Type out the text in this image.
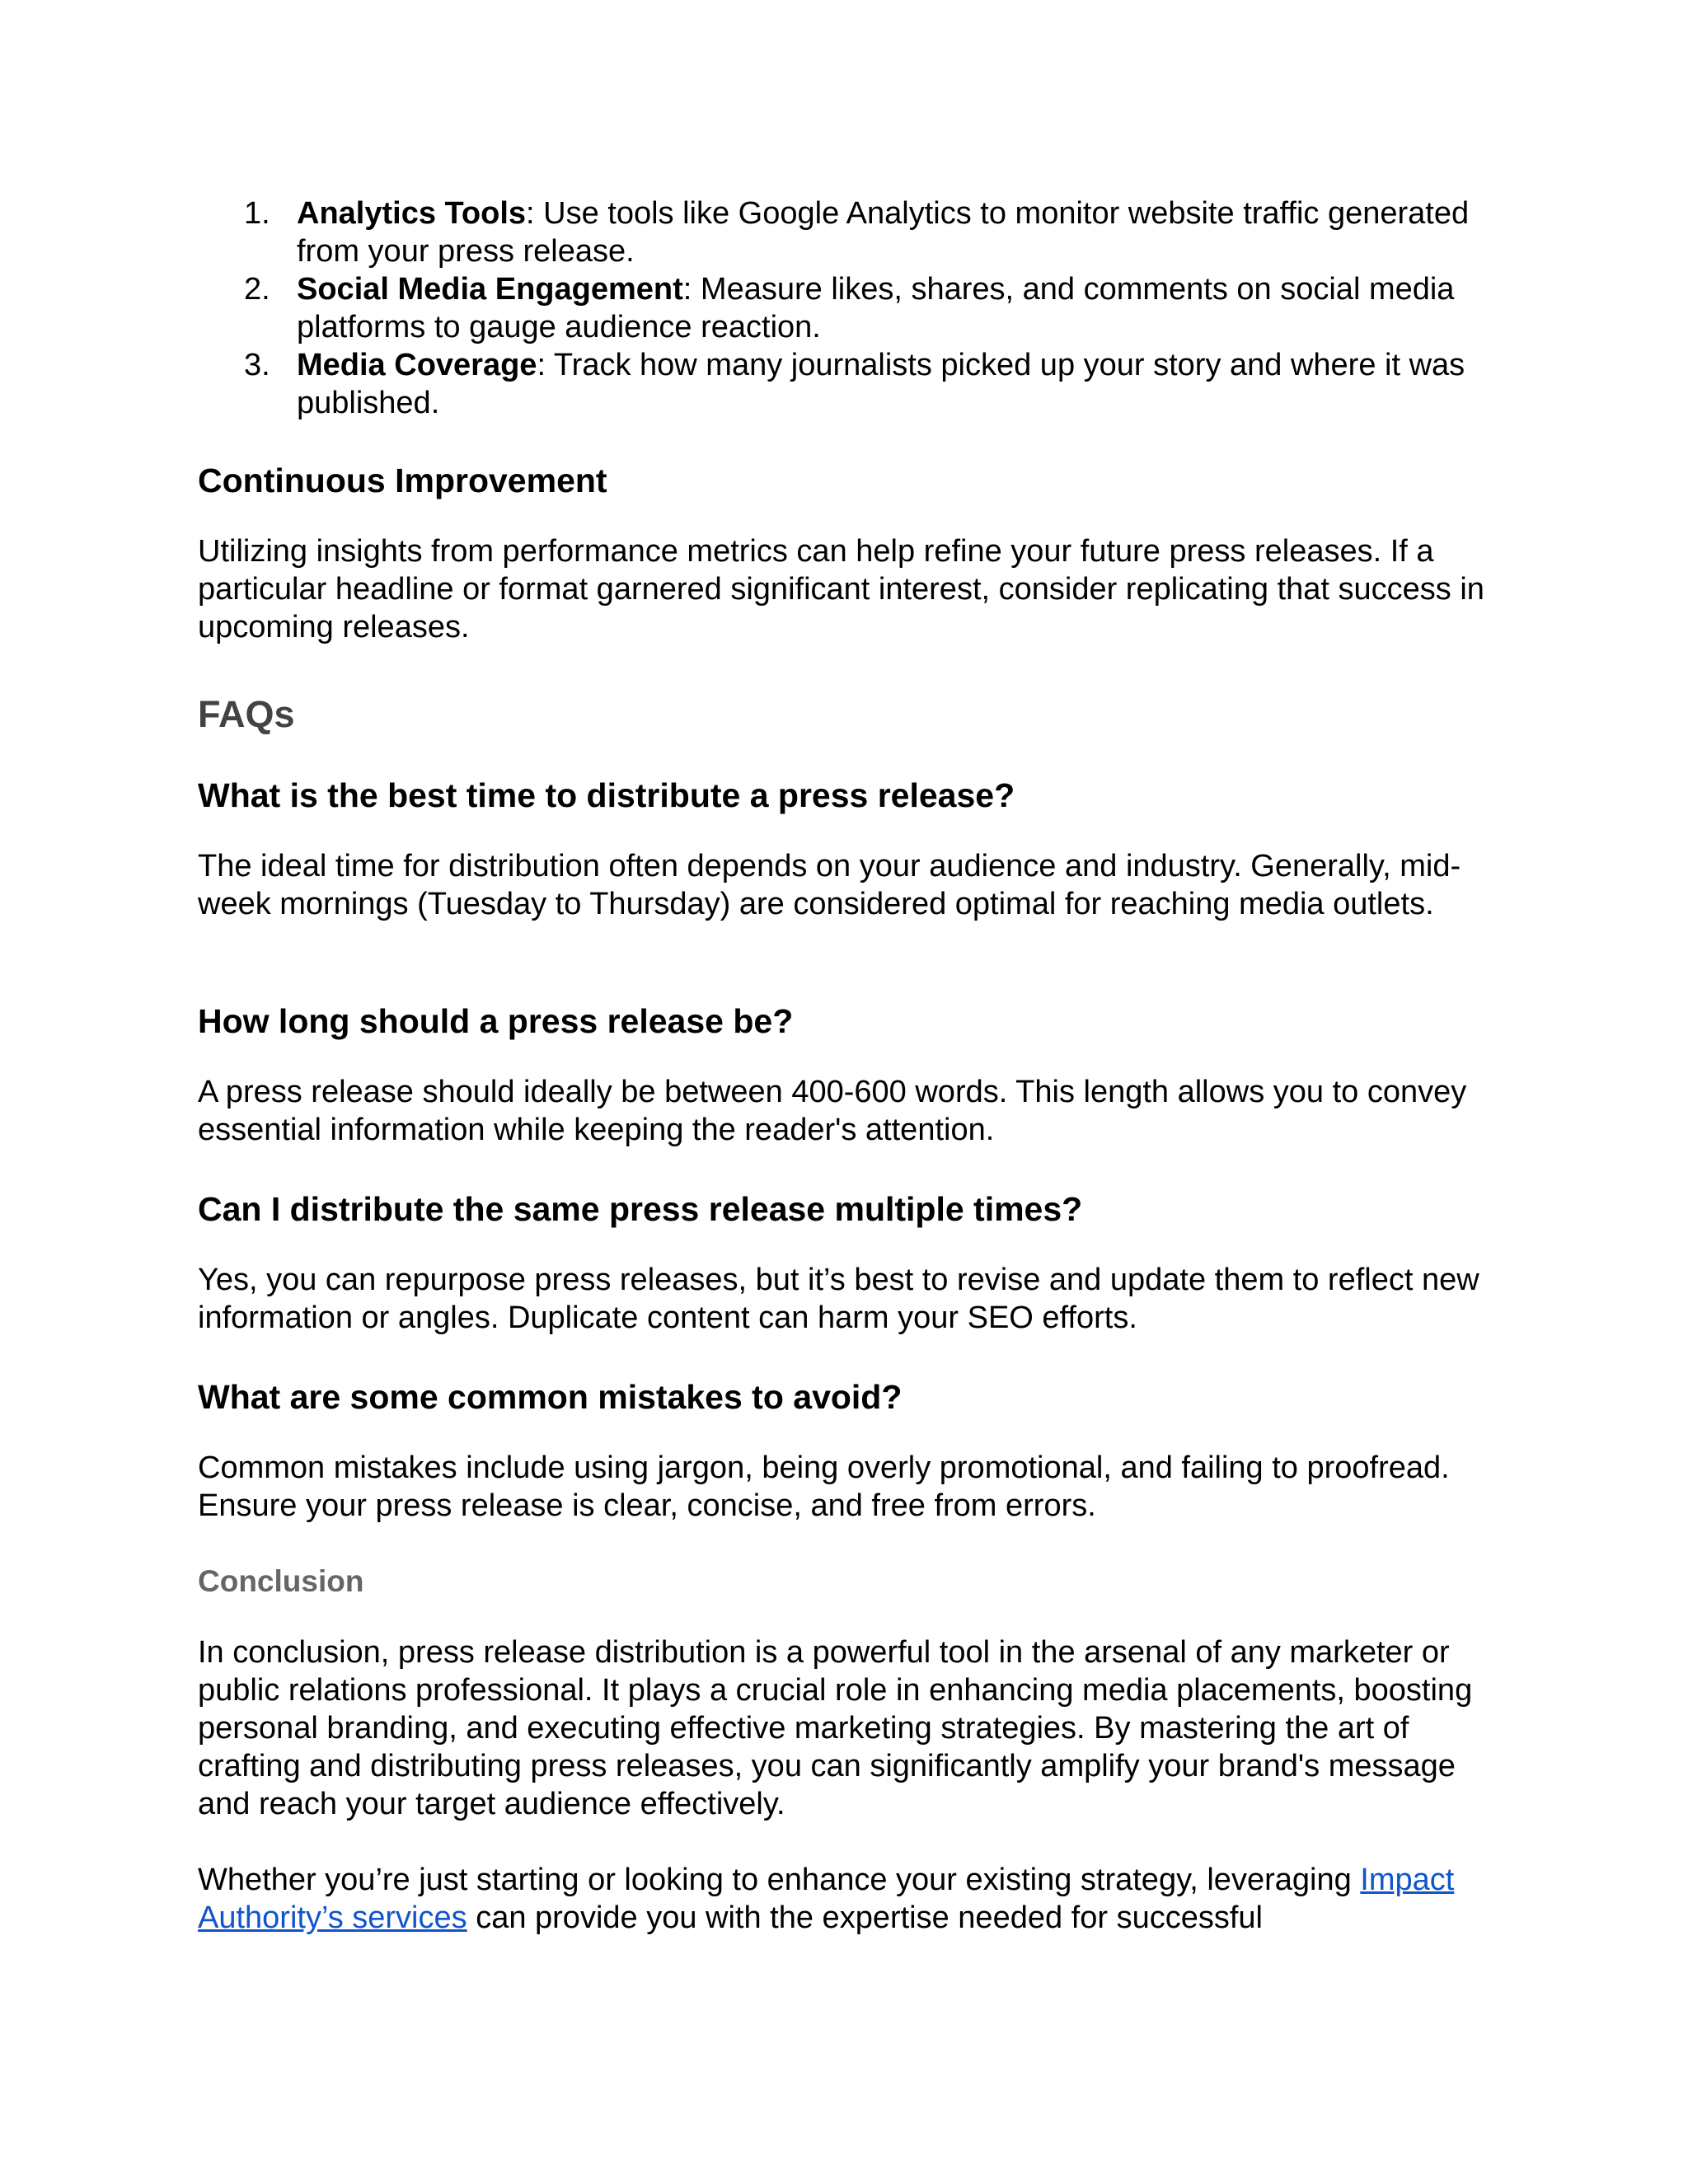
1. Analytics Tools: Use tools like Google Analytics to monitor website traffic generated from your press release.
2. Social Media Engagement: Measure likes, shares, and comments on social media platforms to gauge audience reaction.
3. Media Coverage: Track how many journalists picked up your story and where it was published.
Continuous Improvement

Utilizing insights from performance metrics can help refine your future press releases. If a particular headline or format garnered significant interest, consider replicating that success in upcoming releases.

FAQs
What is the best time to distribute a press release?

The ideal time for distribution often depends on your audience and industry. Generally, mid-week mornings (Tuesday to Thursday) are considered optimal for reaching media outlets.

How long should a press release be?

A press release should ideally be between 400-600 words. This length allows you to convey essential information while keeping the reader's attention.

Can I distribute the same press release multiple times?

Yes, you can repurpose press releases, but it’s best to revise and update them to reflect new information or angles. Duplicate content can harm your SEO efforts.

What are some common mistakes to avoid?

Common mistakes include using jargon, being overly promotional, and failing to proofread. Ensure your press release is clear, concise, and free from errors.

Conclusion

In conclusion, press release distribution is a powerful tool in the arsenal of any marketer or public relations professional. It plays a crucial role in enhancing media placements, boosting personal branding, and executing effective marketing strategies. By mastering the art of crafting and distributing press releases, you can significantly amplify your brand's message and reach your target audience effectively.

Whether you’re just starting or looking to enhance your existing strategy, leveraging Impact Authority’s services can provide you with the expertise needed for successful
